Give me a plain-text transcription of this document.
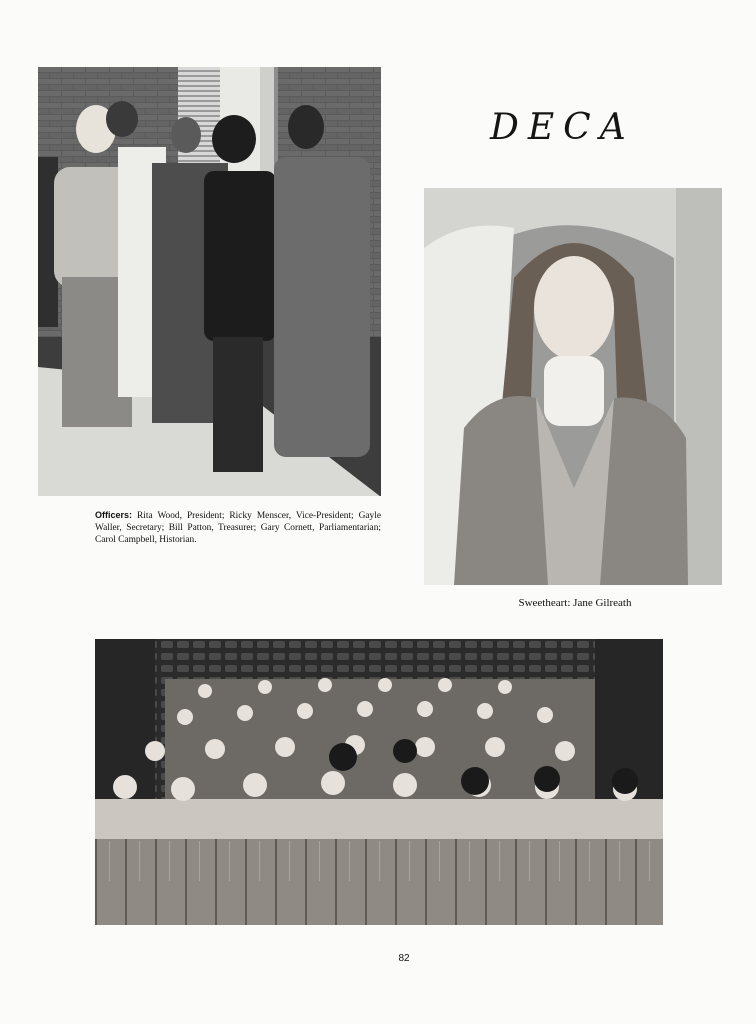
DECA
Officers: Rita Wood, President; Ricky Menscer, Vice-President; Gayle Waller, Secretary; Bill Patton, Treasurer; Gary Cornett, Parliamentarian; Carol Campbell, Historian.
Sweetheart: Jane Gilreath
82
